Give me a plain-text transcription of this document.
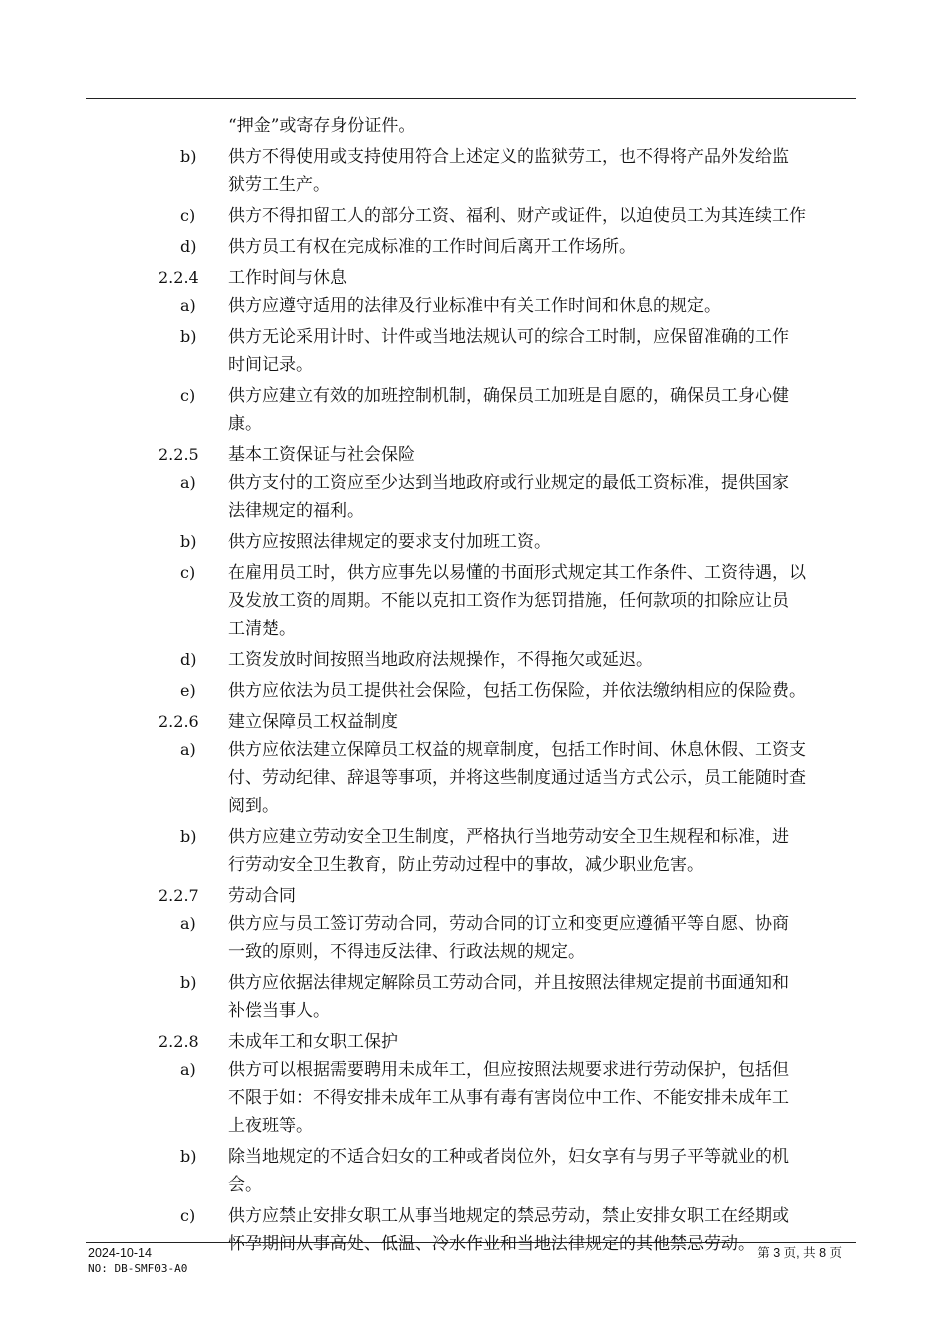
“押金”或寄存身份证件。
b) 供方不得使用或支持使用符合上述定义的监狱劳工，也不得将产品外发给监
狱劳工生产。
c) 供方不得扣留工人的部分工资、福利、财产或证件，以迫使员工为其连续工作
d) 供方员工有权在完成标准的工作时间后离开工作场所。
2.2.4 工作时间与休息
a) 供方应遵守适用的法律及行业标准中有关工作时间和休息的规定。
b) 供方无论采用计时、计件或当地法规认可的综合工时制，应保留准确的工作
时间记录。
c) 供方应建立有效的加班控制机制，确保员工加班是自愿的，确保员工身心健
康。
2.2.5 基本工资保证与社会保险
a) 供方支付的工资应至少达到当地政府或行业规定的最低工资标准，提供国家
法律规定的福利。
b) 供方应按照法律规定的要求支付加班工资。
c) 在雇用员工时，供方应事先以易懂的书面形式规定其工作条件、工资待遇，以
及发放工资的周期。不能以克扣工资作为惩罚措施，任何款项的扣除应让员
工清楚。
d) 工资发放时间按照当地政府法规操作，不得拖欠或延迟。
e) 供方应依法为员工提供社会保险，包括工伤保险，并依法缴纳相应的保险费。
2.2.6 建立保障员工权益制度
a) 供方应依法建立保障员工权益的规章制度，包括工作时间、休息休假、工资支
付、劳动纪律、辞退等事项，并将这些制度通过适当方式公示，员工能随时查
阅到。
b) 供方应建立劳动安全卫生制度，严格执行当地劳动安全卫生规程和标准，进
行劳动安全卫生教育，防止劳动过程中的事故，减少职业危害。
2.2.7 劳动合同
a) 供方应与员工签订劳动合同，劳动合同的订立和变更应遵循平等自愿、协商
一致的原则，不得违反法律、行政法规的规定。
b) 供方应依据法律规定解除员工劳动合同，并且按照法律规定提前书面通知和
补偿当事人。
2.2.8 未成年工和女职工保护
a) 供方可以根据需要聘用未成年工，但应按照法规要求进行劳动保护，包括但
不限于如：不得安排未成年工从事有毒有害岗位中工作、不能安排未成年工
上夜班等。
b) 除当地规定的不适合妇女的工种或者岗位外，妇女享有与男子平等就业的机
会。
c) 供方应禁止安排女职工从事当地规定的禁忌劳动，禁止安排女职工在经期或
怀孕期间从事高处、低温、冷水作业和当地法律规定的其他禁忌劳动。
2024-10-14
NO: DB-SMF03-A0
第 3 页, 共 8 页
